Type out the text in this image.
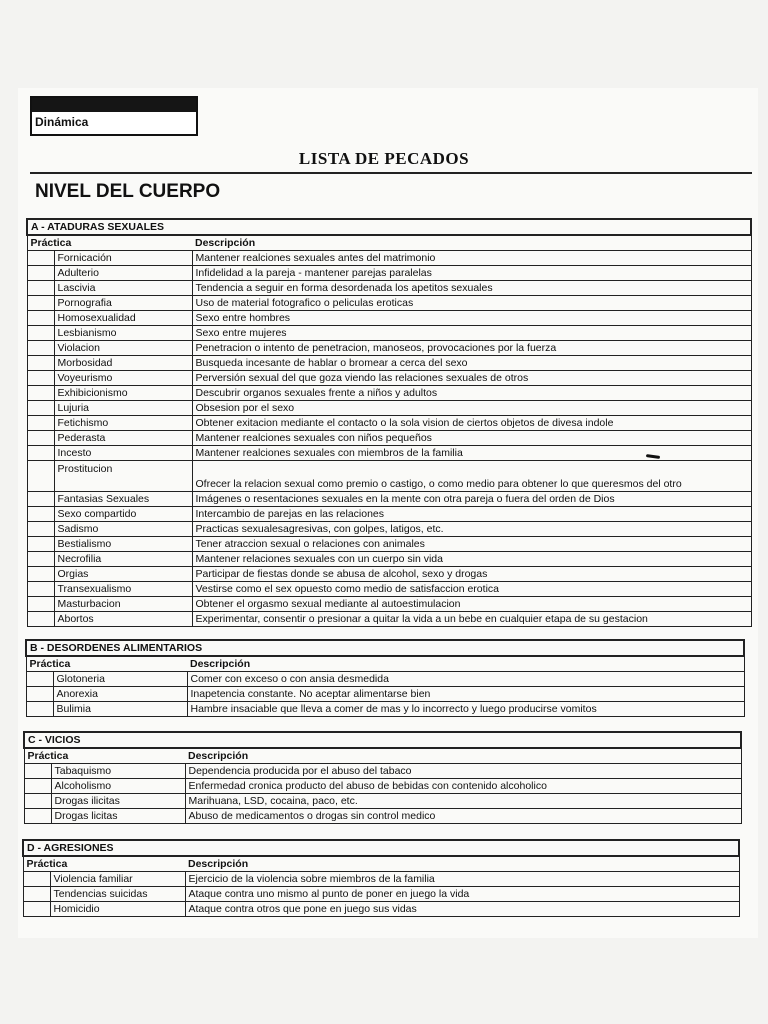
Dinámica
LISTA DE PECADOS
NIVEL DEL CUERPO
A - ATADURAS SEXUALES		
Práctica		Descripción
	Fornicación	Mantener realciones sexuales antes del matrimonio
	Adulterio	Infidelidad a la pareja - mantener parejas paralelas
	Lascivia	Tendencia a seguir en forma desordenada los apetitos sexuales
	Pornografia	Uso de material fotografico o peliculas eroticas
	Homosexualidad	Sexo entre hombres
	Lesbianismo	Sexo entre mujeres
	Violacion	Penetracion o intento de penetracion, manoseos, provocaciones por la fuerza
	Morbosidad	Busqueda incesante de hablar o bromear a cerca del sexo
	Voyeurismo	Perversión sexual del que goza viendo las relaciones sexuales de otros
	Exhibicionismo	Descubrir organos sexuales frente a niños y adultos
	Lujuria	Obsesion por el sexo
	Fetichismo	Obtener exitacion mediante el contacto o la sola vision de ciertos objetos de divesa indole
	Pederasta	Mantener realciones sexuales con niños pequeños
	Incesto	Mantener realciones sexuales con miembros de la familia
	Prostitucion	Ofrecer la relacion sexual como premio o castigo, o como medio para obtener lo que queresmos del otro
	Fantasias Sexuales	Imágenes o resentaciones sexuales en la mente con otra pareja o fuera del orden de Dios
	Sexo compartido	Intercambio de parejas en las relaciones
	Sadismo	Practicas sexualesagresivas, con golpes, latigos, etc.
	Bestialismo	Tener atraccion sexual o relaciones con animales
	Necrofilia	Mantener relaciones sexuales con un cuerpo sin vida
	Orgias	Participar de fiestas donde se abusa de alcohol, sexo y drogas
	Transexualismo	Vestirse como el sex opuesto como medio de satisfaccion erotica
	Masturbacion	Obtener el orgasmo sexual mediante al autoestimulacion
	Abortos	Experimentar, consentir o presionar a quitar la vida a un bebe en cualquier etapa de su gestacion
B - DESORDENES ALIMENTARIOS		
Práctica		Descripción
	Glotoneria	Comer con exceso o con ansia desmedida
	Anorexia	Inapetencia constante. No aceptar alimentarse bien
	Bulimia	Hambre insaciable que lleva a comer de mas y lo incorrecto y luego producirse vomitos
C - VICIOS		
Práctica		Descripción
	Tabaquismo	Dependencia producida por el abuso del tabaco
	Alcoholismo	Enfermedad cronica producto del abuso de bebidas con contenido alcoholico
	Drogas ilicitas	Marihuana, LSD, cocaina, paco, etc.
	Drogas licitas	Abuso de medicamentos o drogas sin control medico
D - AGRESIONES		
Práctica		Descripción
	Violencia familiar	Ejercicio de la violencia sobre miembros de la familia
	Tendencias suicidas	Ataque contra uno mismo al punto de poner en juego la vida
	Homicidio	Ataque contra otros que pone en juego sus vidas
